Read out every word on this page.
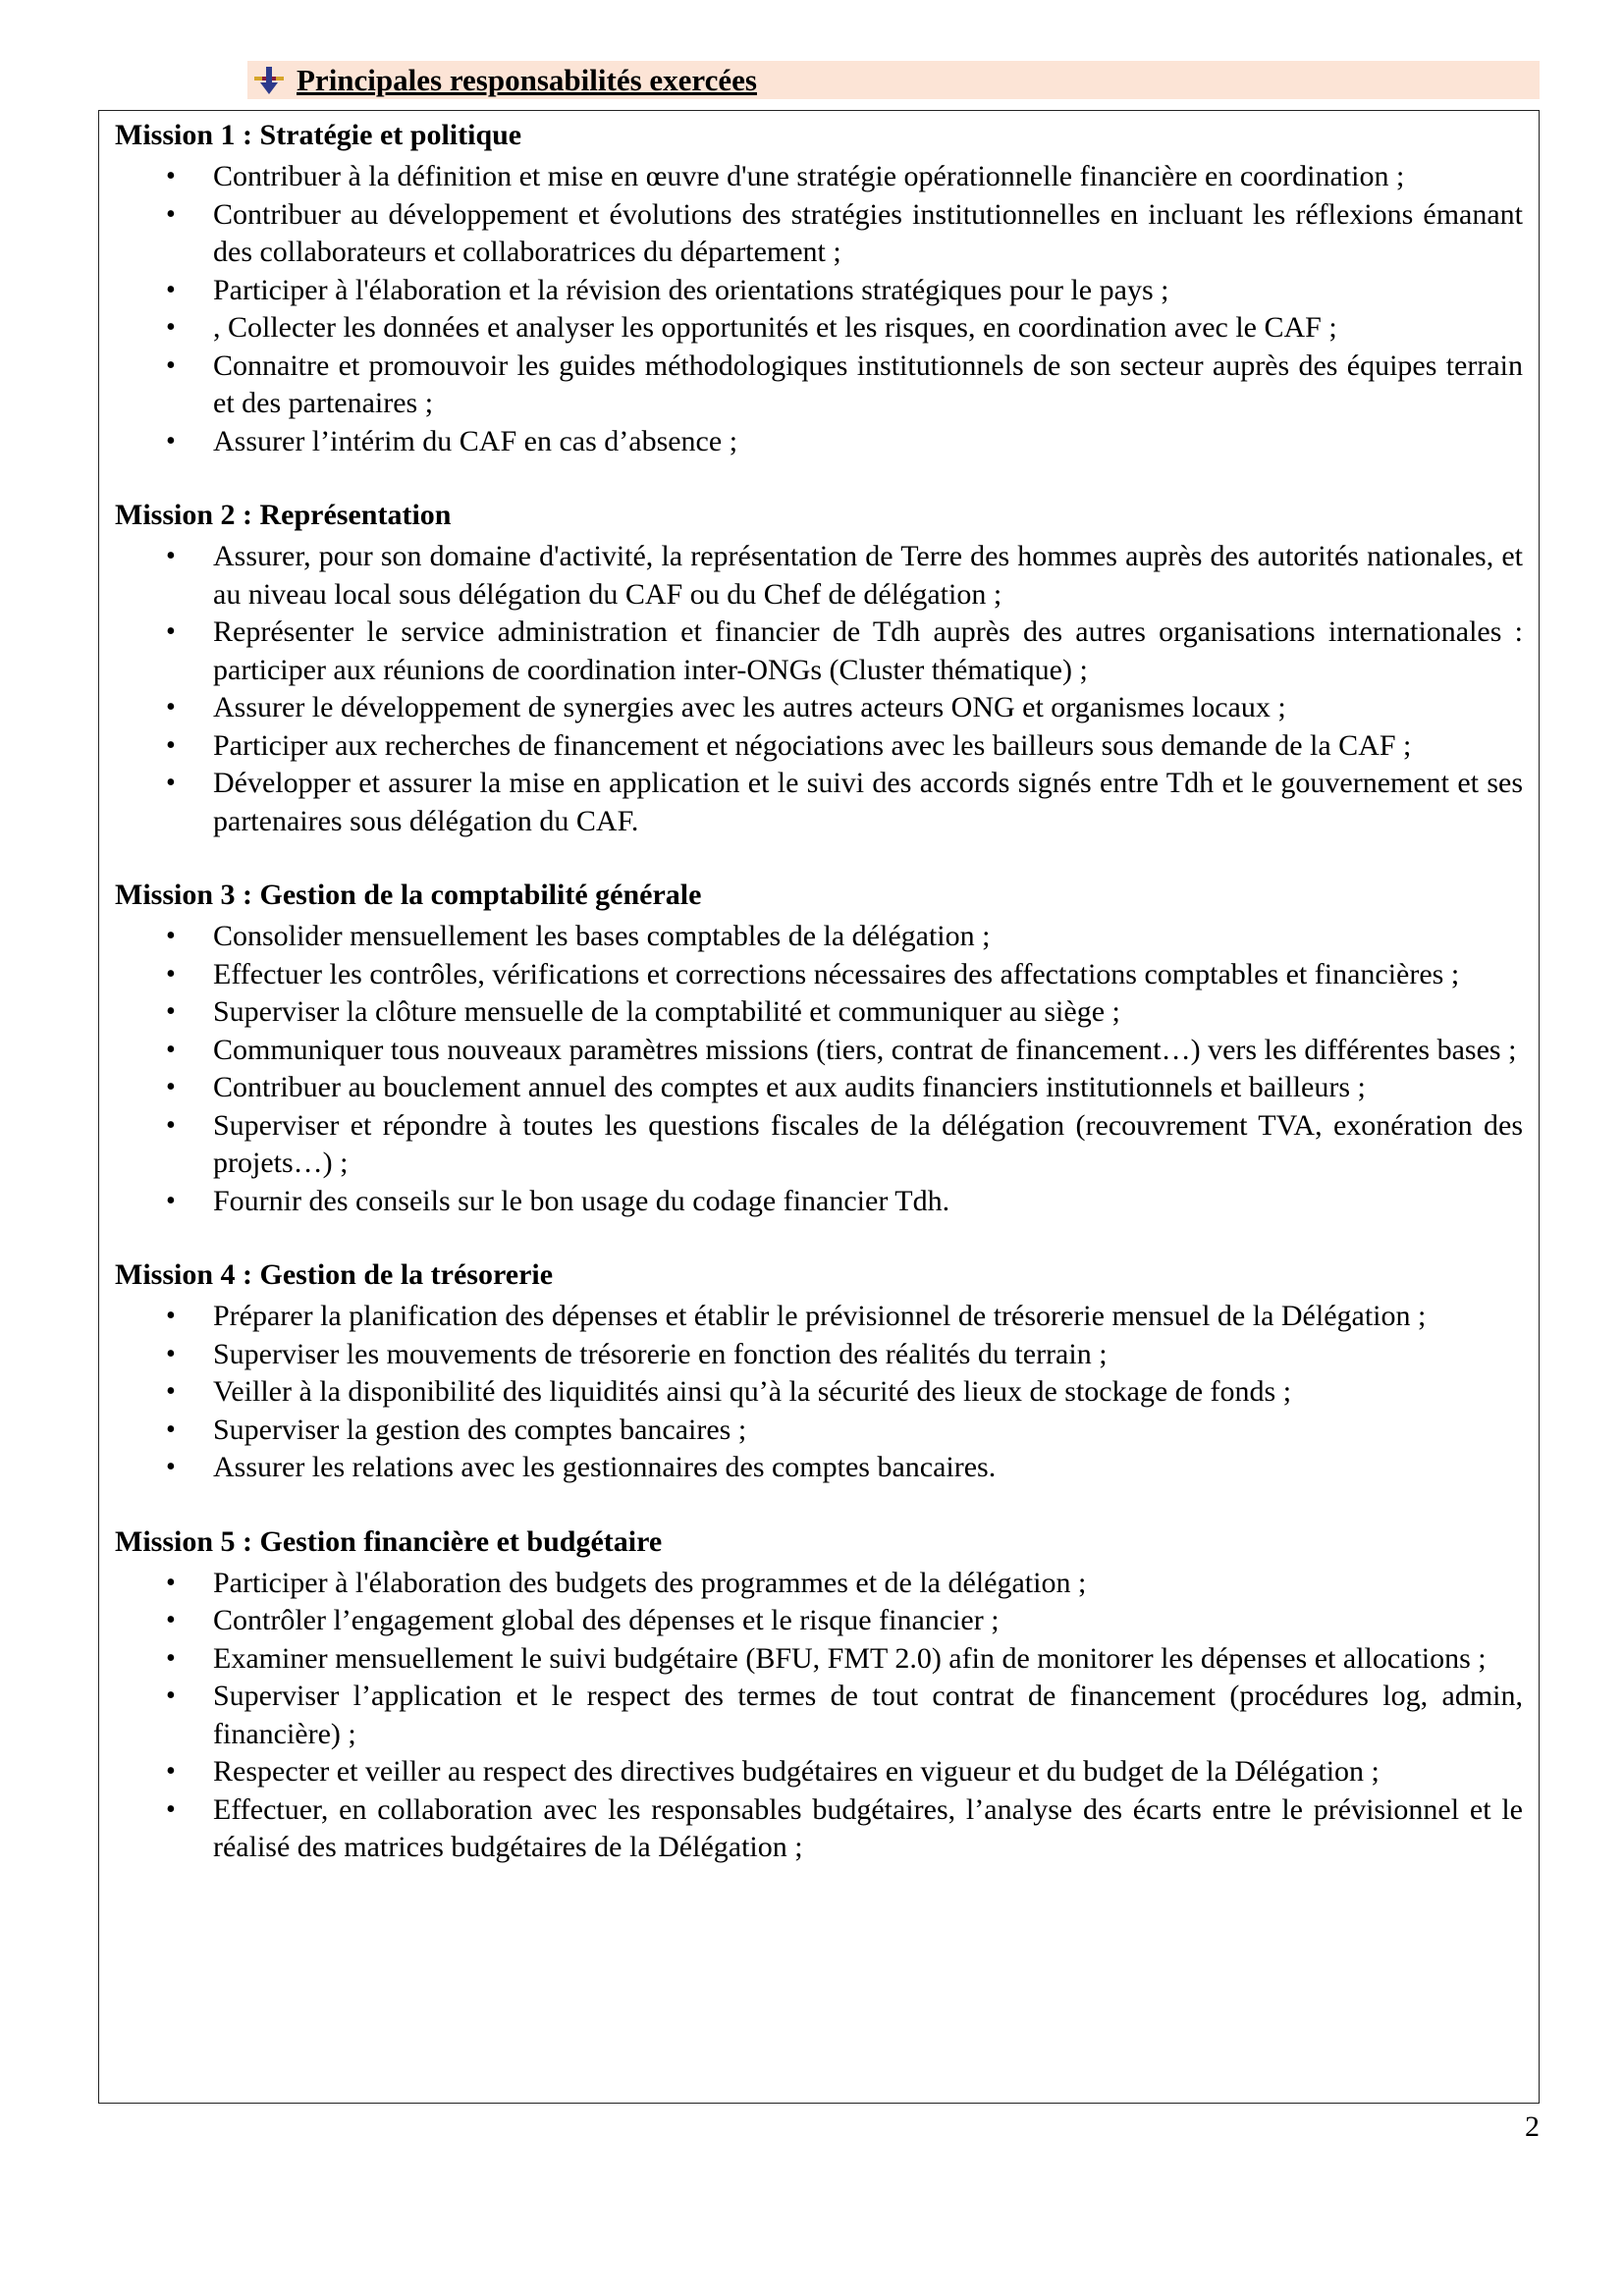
Principales responsabilités exercées
Mission 1 : Stratégie et politique
• Contribuer à la définition et mise en œuvre d'une stratégie opérationnelle financière en coordination ;
• Contribuer au développement et évolutions des stratégies institutionnelles en incluant les réflexions émanant des collaborateurs et collaboratrices du département ;
• Participer à l'élaboration et la révision des orientations stratégiques pour le pays ;
• , Collecter les données et analyser les opportunités et les risques, en coordination avec le CAF ;
• Connaitre et promouvoir les guides méthodologiques institutionnels de son secteur auprès des équipes terrain et des partenaires ;
• Assurer l’intérim du CAF en cas d’absence ;
Mission 2 : Représentation
• Assurer, pour son domaine d'activité, la représentation de Terre des hommes auprès des autorités nationales, et au niveau local sous délégation du CAF ou du Chef de délégation ;
• Représenter le service administration et financier de Tdh auprès des autres organisations internationales : participer aux réunions de coordination inter-ONGs (Cluster thématique) ;
• Assurer le développement de synergies avec les autres acteurs ONG et organismes locaux ;
• Participer aux recherches de financement et négociations avec les bailleurs sous demande de la CAF ;
• Développer et assurer la mise en application et le suivi des accords signés entre Tdh et le gouvernement et ses partenaires sous délégation du CAF.
Mission 3 : Gestion de la comptabilité générale
• Consolider mensuellement les bases comptables de la délégation ;
• Effectuer les contrôles, vérifications et corrections nécessaires des affectations comptables et financières ;
• Superviser la clôture mensuelle de la comptabilité et communiquer au siège ;
• Communiquer tous nouveaux paramètres missions (tiers, contrat de financement…) vers les différentes bases ;
• Contribuer au bouclement annuel des comptes et aux audits financiers institutionnels et bailleurs ;
• Superviser et répondre à toutes les questions fiscales de la délégation (recouvrement TVA, exonération des projets…) ;
• Fournir des conseils sur le bon usage du codage financier Tdh.
Mission 4 : Gestion de la trésorerie
• Préparer la planification des dépenses et établir le prévisionnel de trésorerie mensuel de la Délégation ;
• Superviser les mouvements de trésorerie en fonction des réalités du terrain ;
• Veiller à la disponibilité des liquidités ainsi qu’à la sécurité des lieux de stockage de fonds ;
• Superviser la gestion des comptes bancaires ;
• Assurer les relations avec les gestionnaires des comptes bancaires.
Mission 5 : Gestion financière et budgétaire
• Participer à l'élaboration des budgets des programmes et de la délégation ;
• Contrôler l’engagement global des dépenses et le risque financier ;
• Examiner mensuellement le suivi budgétaire (BFU, FMT 2.0) afin de monitorer les dépenses et allocations ;
• Superviser l’application et le respect des termes de tout contrat de financement (procédures log, admin, financière) ;
• Respecter et veiller au respect des directives budgétaires en vigueur et du budget de la Délégation ;
• Effectuer, en collaboration avec les responsables budgétaires, l’analyse des écarts entre le prévisionnel et le réalisé des matrices budgétaires de la Délégation ;
2
